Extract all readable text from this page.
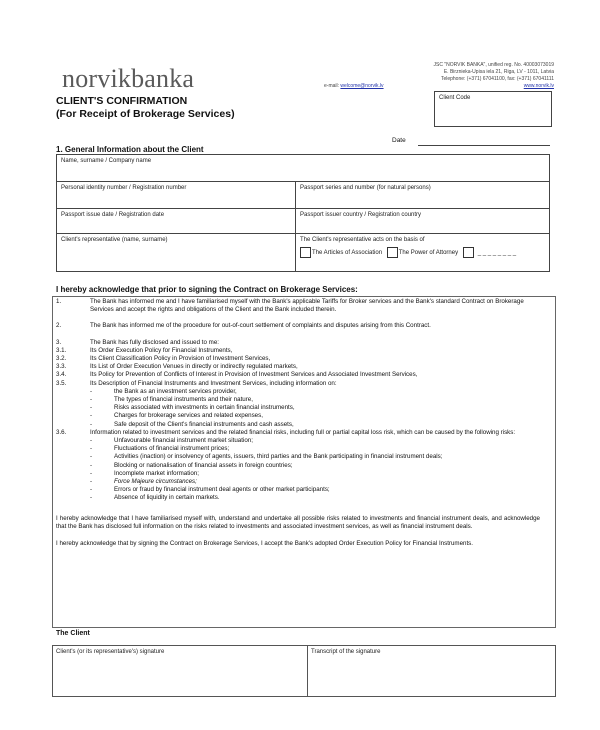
norvikbanka
CLIENT'S CONFIRMATION
(For Receipt of Brokerage Services)
JSC "NORVIK BANKA", unified reg. No. 40003073019
E. Birznieka-Upisa iela 21, Riga, LV - 1011, Latvia
Telephone: (+371) 67041100, fax: (+371) 67041111
e-mail: welcome@norvik.lv	www.norvik.lv
Client Code
Date
1. General Information about the Client
Name, surname / Company name	
Personal identity number / Registration number	Passport series and number (for natural persons)
Passport issue date / Registration date	Passport issuer country / Registration country
Client's representative (name, surname)	The Client's representative acts on the basis of
The Articles of Association The Power of Attorney _ _ _ _ _ _ _ _
I hereby acknowledge that prior to signing the Contract on Brokerage Services:
1.	The Bank has informed me and I have familiarised myself with the Bank's applicable Tariffs for Broker services and the Bank's standard Contract on Brokerage Services and accept the rights and obligations of the Client and the Bank included therein.
2.	The Bank has informed me of the procedure for out-of-court settlement of complaints and disputes arising from this Contract.
3.	The Bank has fully disclosed and issued to me:
3.1.	Its Order Execution Policy for Financial Instruments,
3.2.	Its Client Classification Policy in Provision of Investment Services,
3.3.	Its List of Order Execution Venues in directly or indirectly regulated markets,
3.4.	Its Policy for Prevention of Conflicts of Interest in Provision of Investment Services and Associated Investment Services,
3.5.	Its Description of Financial Instruments and Investment Services, including information on:
-	the Bank as an investment services provider,
-	The types of financial instruments and their nature,
-	Risks associated with investments in certain financial instruments,
-	Charges for brokerage services and related expenses,
-	Safe deposit of the Client's financial instruments and cash assets,
3.6.	Information related to investment services and the related financial risks, including full or partial capital loss risk, which can be caused by the following risks:
-	Unfavourable financial instrument market situation;
-	Fluctuations of financial instrument prices;
-	Activities (inaction) or insolvency of agents, issuers, third parties and the Bank participating in financial instrument deals;
-	Blocking or nationalisation of financial assets in foreign countries;
-	Incomplete market information;
-	Force Majeure circumstances;
-	Errors or fraud by financial instrument deal agents or other market participants;
-	Absence of liquidity in certain markets.
I hereby acknowledge that I have familiarised myself with, understand and undertake all possible risks related to investments and financial instrument deals, and acknowledge that the Bank has disclosed full information on the risks related to investments and associated investment services, as well as financial instrument deals.
I hereby acknowledge that by signing the Contract on Brokerage Services, I accept the Bank's adopted Order Execution Policy for Financial Instruments.
The Client
Client's (or its representative's) signature	Transcript of the signature
